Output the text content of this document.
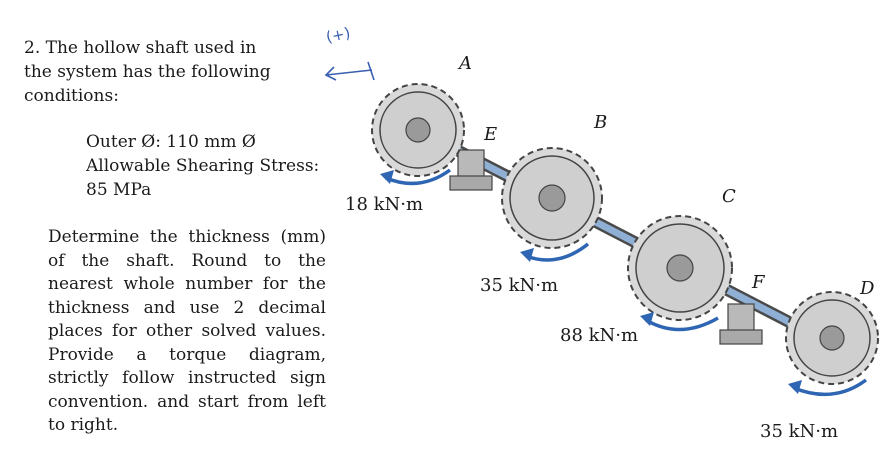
2. The hollow shaft used in the system has the following conditions:
Outer Ø: 110 mm Ø
Allowable Shearing Stress:
85 MPa
Determine the thickness (mm) of the shaft. Round to the nearest whole number for the thickness and use 2 decimal places for other solved values. Provide a torque diagram, strictly follow instructed sign convention. and start from left to right.
(+)
A
E
B
C
F	D
18 kN·m
35 kN·m
88 kN·m
35 kN·m
